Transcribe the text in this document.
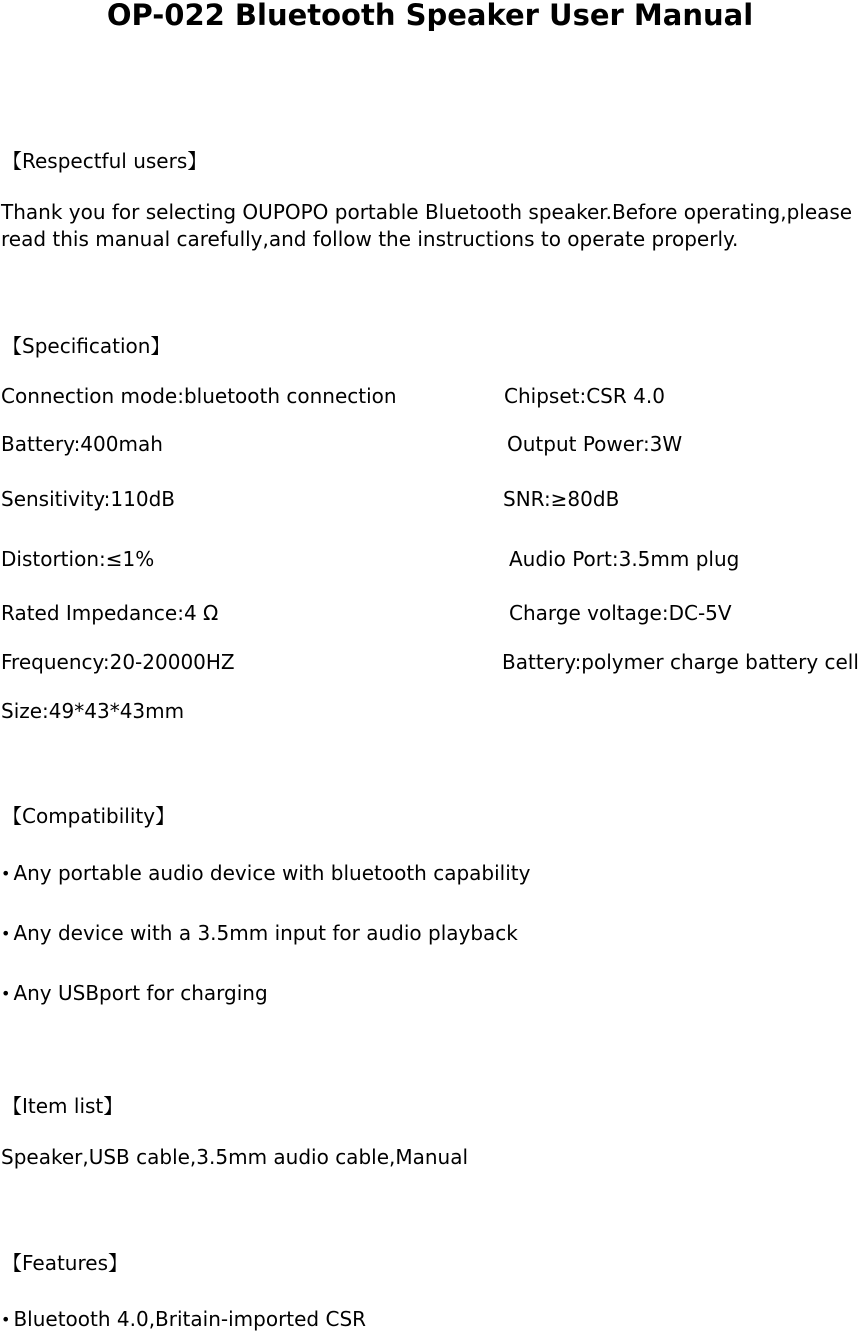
OP-022 Bluetooth Speaker User Manual
【Respectful users】
Thank you for selecting OUPOPO portable Bluetooth speaker.Before operating,please
read this manual carefully,and follow the instructions to operate properly.
【Specification】
Connection mode:bluetooth connection	Chipset:CSR 4.0
Battery:400mah	Output Power:3W
Sensitivity:110dB	SNR:≥80dB
Distortion:≤1%	Audio Port:3.5mm plug
Rated Impedance:4 Ω	Charge voltage:DC-5V
Frequency:20-20000HZ	Battery:polymer charge battery cell
Size:49*43*43mm
【Compatibility】
• Any portable audio device with bluetooth capability
• Any device with a 3.5mm input for audio playback
• Any USBport for charging
【Item list】
Speaker,USB cable,3.5mm audio cable,Manual
【Features】
• Bluetooth 4.0,Britain-imported CSR
